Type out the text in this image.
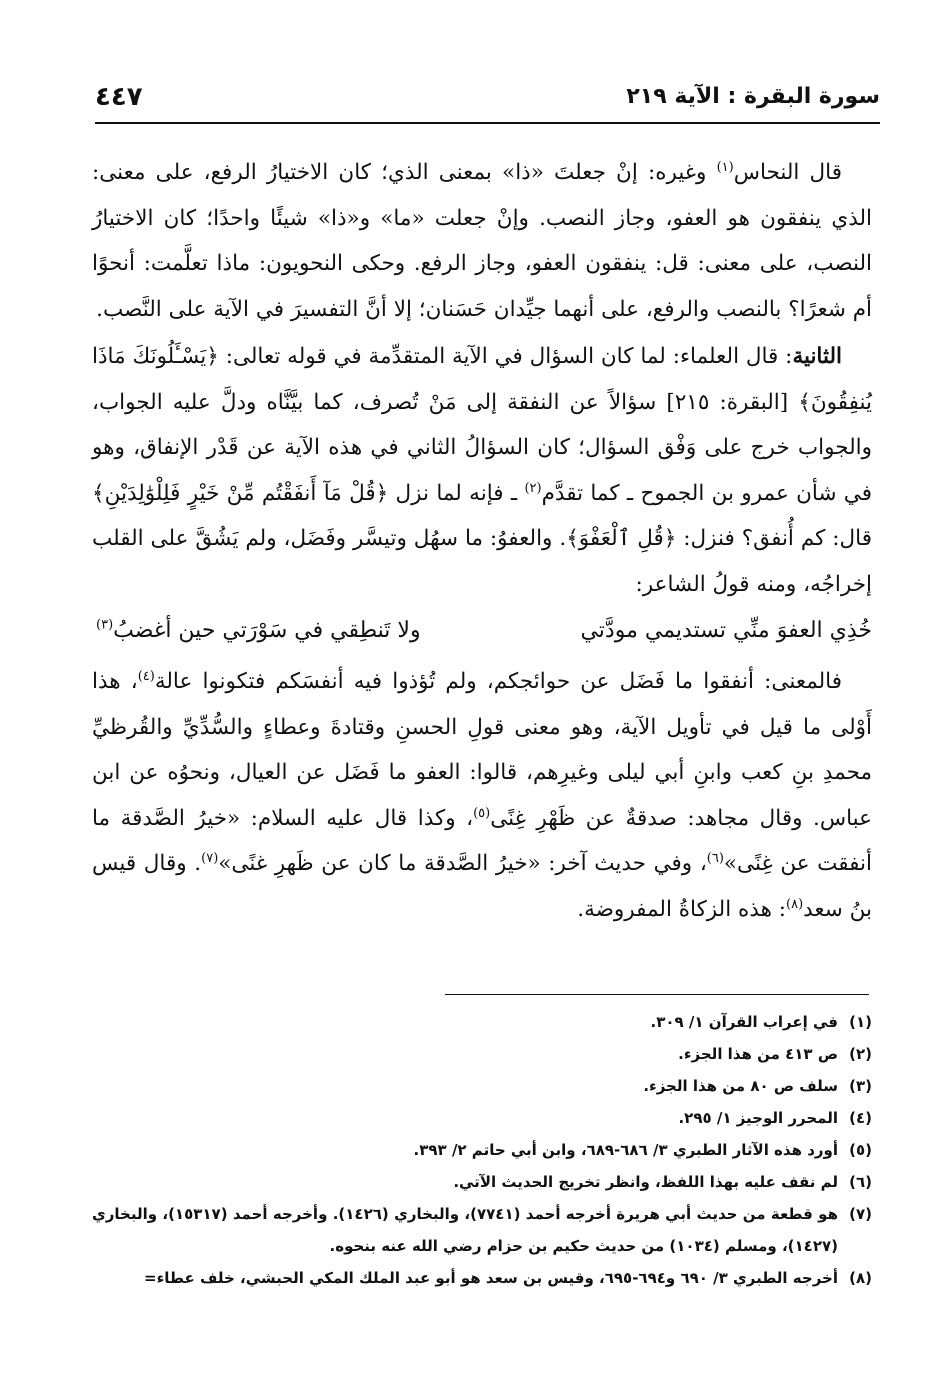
سورة البقرة : الآية ٢١٩
٤٤٧

قال النحاس$^{(١)}$ وغيره: إنْ جعلتَ «ذا» بمعنى الذي؛ كان الاختيارُ الرفع، على معنى: الذي ينفقون هو العفو، وجاز النصب. وإنْ جعلت «ما» و«ذا» شيئًا واحدًا؛ كان الاختيارُ النصب، على معنى: قل: ينفقون العفو، وجاز الرفع. وحكى النحويون: ماذا تعلَّمت: أنحوًا أم شعرًا؟ بالنصب والرفع، على أنهما جيِّدان حَسَنان؛ إلا أنَّ التفسيرَ في الآية على النَّصب.

الثانية: قال العلماء: لما كان السؤال في الآية المتقدِّمة في قوله تعالى: ﴿يَسْـَٔلُونَكَ مَاذَا يُنفِقُونَ﴾ [البقرة: ٢١٥] سؤالاً عن النفقة إلى مَنْ تُصرف، كما بيَّنَّاه ودلَّ عليه الجواب، والجواب خرج على وَفْق السؤال؛ كان السؤالُ الثاني في هذه الآية عن قَدْر الإنفاق، وهو في شأن عمرو بن الجموح ـ كما تقدَّم$^{(٢)}$ ـ فإنه لما نزل ﴿قُلْ مَآ أَنفَقْتُم مِّنْ خَيْرٍ فَلِلْوَٰلِدَيْنِ﴾ قال: كم أُنفق؟ فنزل: ﴿قُلِ ٱلْعَفْوَ﴾. والعفوُ: ما سهُل وتيسَّر وفَضَل، ولم يَشُقَّ على القلب إخراجُه، ومنه قولُ الشاعر:

خُذِي العفوَ منِّي تستديمي مودَّتي
ولا تَنطِقي في سَوْرَتي حين أغضبُ$^{(٣)}$

فالمعنى: أنفقوا ما فَضَل عن حوائجكم، ولم تُؤذوا فيه أنفسَكم فتكونوا عالة$^{(٤)}$، هذا أَوْلى ما قيل في تأويل الآية، وهو معنى قولِ الحسنِ وقتادةَ وعطاءٍ والسُّدِّيِّ والقُرظيِّ محمدِ بنِ كعب وابنِ أبي ليلى وغيرِهم، قالوا: العفو ما فَضَل عن العيال، ونحوُه عن ابن عباس. وقال مجاهد: صدقةٌ عن ظَهْرِ غِنًى$^{(٥)}$، وكذا قال عليه السلام: «خيرُ الصَّدقة ما أنفقت عن غِنًى»$^{(٦)}$، وفي حديث آخر: «خيرُ الصَّدقة ما كان عن ظَهرِ غنًى»$^{(٧)}$. وقال قيس بنُ سعد$^{(٨)}$: هذه الزكاةُ المفروضة.

(١)
في إعراب القرآن ١/ ٣٠٩.
(٢)
ص ٤١٣ من هذا الجزء.
(٣)
سلف ص ٨٠ من هذا الجزء.
(٤)
المحرر الوجيز ١/ ٢٩٥.
(٥)
أورد هذه الآثار الطبري ٣/ ٦٨٦-٦٨٩، وابن أبي حاتم ٢/ ٣٩٣.
(٦)
لم نقف عليه بهذا اللفظ، وانظر تخريج الحديث الآتي.
(٧)
هو قطعة من حديث أبي هريرة أخرجه أحمد (٧٧٤١)، والبخاري (١٤٢٦). وأخرجه أحمد (١٥٣١٧)، والبخاري (١٤٢٧)، ومسلم (١٠٣٤) من حديث حكيم بن حزام رضي الله عنه بنحوه.
(٨)
أخرجه الطبري ٣/ ٦٩٠ و٦٩٤-٦٩٥، وقيس بن سعد هو أبو عبد الملك المكي الحبشي، خلف عطاء=
